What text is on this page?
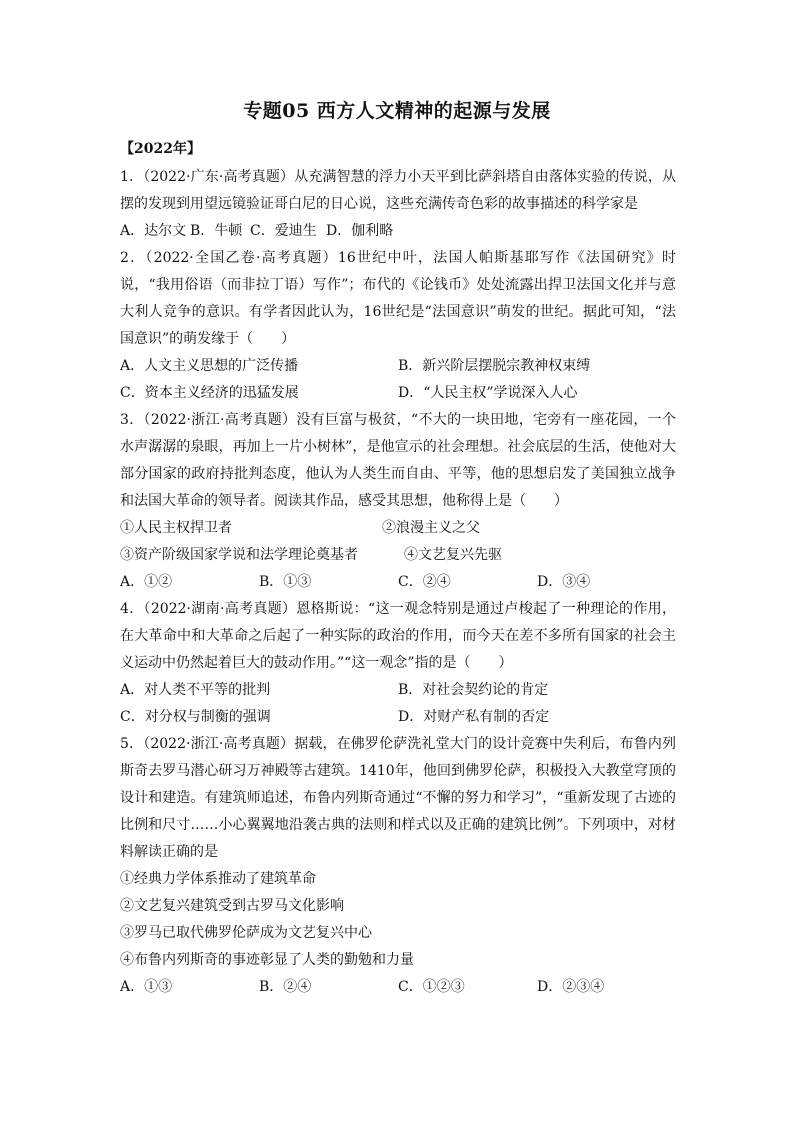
专题05 西方人文精神的起源与发展
【2022年】

1．（2022·广东·高考真题）从充满智慧的浮力小天平到比萨斜塔自由落体实验的传说，从摆的发现到用望远镜验证哥白尼的日心说，这些充满传奇色彩的故事描述的科学家是

A．达尔文 B．牛顿 C．爱迪生 D．伽利略

2．（2022·全国乙卷·高考真题）16世纪中叶，法国人帕斯基耶写作《法国研究》时说，“我用俗语（而非拉丁语）写作”；布代的《论钱币》处处流露出捍卫法国文化并与意大利人竞争的意识。有学者因此认为，16世纪是“法国意识”萌发的世纪。据此可知，“法国意识”的萌发缘于（　　）

A．人文主义思想的广泛传播	B．新兴阶层摆脱宗教神权束缚
C．资本主义经济的迅猛发展	D．“人民主权”学说深入人心

3．（2022·浙江·高考真题）没有巨富与极贫，“不大的一块田地，宅旁有一座花园，一个水声潺潺的泉眼，再加上一片小树林”，是他宣示的社会理想。社会底层的生活，使他对大部分国家的政府持批判态度，他认为人类生而自由、平等，他的思想启发了美国独立战争和法国大革命的领导者。阅读其作品，感受其思想，他称得上是（　　）

①人民主权捍卫者	②浪漫主义之父
③资产阶级国家学说和法学理论奠基者	④文艺复兴先驱
A．①②	B．①③	C．②④	D．③④

4．（2022·湖南·高考真题）恩格斯说：“这一观念特别是通过卢梭起了一种理论的作用，在大革命中和大革命之后起了一种实际的政治的作用，而今天在差不多所有国家的社会主义运动中仍然起着巨大的鼓动作用。”“这一观念”指的是（　　）

A．对人类不平等的批判	B．对社会契约论的肯定
C．对分权与制衡的强调	D．对财产私有制的否定

5．（2022·浙江·高考真题）据载，在佛罗伦萨洗礼堂大门的设计竞赛中失利后，布鲁内列斯奇去罗马潜心研习万神殿等古建筑。1410年，他回到佛罗伦萨，积极投入大教堂穹顶的设计和建造。有建筑师追述，布鲁内列斯奇通过“不懈的努力和学习”，“重新发现了古迹的比例和尺寸……小心翼翼地沿袭古典的法则和样式以及正确的建筑比例”。下列项中，对材料解读正确的是

①经典力学体系推动了建筑革命
②文艺复兴建筑受到古罗马文化影响
③罗马已取代佛罗伦萨成为文艺复兴中心
④布鲁内列斯奇的事迹彰显了人类的勤勉和力量
A．①③	B．②④	C．①②③	D．②③④
